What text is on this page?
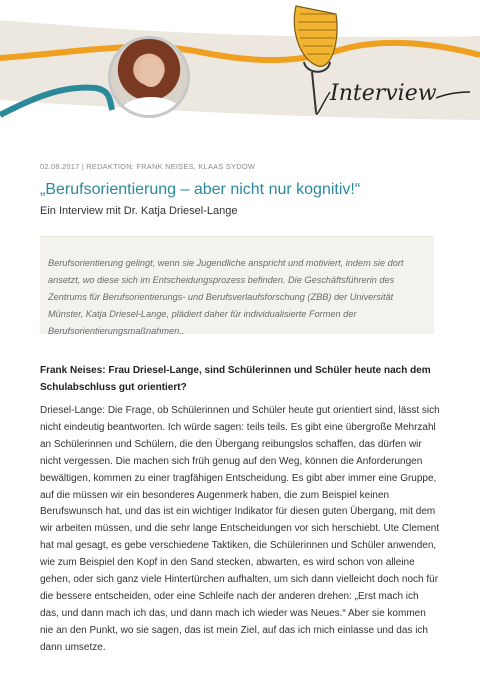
Interview
02.08.2017 | REDAKTION: FRANK NEISES, KLAAS SYDOW
„Berufsorientierung – aber nicht nur kognitiv!“
Ein Interview mit Dr. Katja Driesel-Lange
Berufsorientierung gelingt, wenn sie Jugendliche anspricht und motiviert, indem sie dort ansetzt, wo diese sich im Entscheidungsprozess befinden. Die Geschäftsführerin des Zentrums für Berufsorientierungs- und Berufsverlaufsforschung (ZBB) der Universität Münster, Katja Driesel-Lange, plädiert daher für individualisierte Formen der Berufsorientierungsmaßnahmen..
Frank Neises: Frau Driesel-Lange, sind Schülerinnen und Schüler heute nach dem Schulabschluss gut orientiert?
Driesel-Lange: Die Frage, ob Schülerinnen und Schüler heute gut orientiert sind, lässt sich nicht eindeutig beantworten. Ich würde sagen: teils teils. Es gibt eine übergroße Mehrzahl an Schülerinnen und Schülern, die den Übergang reibungslos schaffen, das dürfen wir nicht vergessen. Die machen sich früh genug auf den Weg, können die Anforderungen bewältigen, kommen zu einer tragfähigen Entscheidung. Es gibt aber immer eine Gruppe, auf die müssen wir ein besonderes Augenmerk haben, die zum Beispiel keinen Berufswunsch hat, und das ist ein wichtiger Indikator für diesen guten Übergang, mit dem wir arbeiten müssen, und die sehr lange Entscheidungen vor sich herschiebt. Ute Clement hat mal gesagt, es gebe verschiedene Taktiken, die Schülerinnen und Schüler anwenden, wie zum Beispiel den Kopf in den Sand stecken, abwarten, es wird schon von alleine gehen, oder sich ganz viele Hintertürchen aufhalten, um sich dann vielleicht doch noch für die bessere entscheiden, oder eine Schleife nach der anderen drehen: „Erst mach ich das, und dann mach ich das, und dann mach ich wieder was Neues.“ Aber sie kommen nie an den Punkt, wo sie sagen, das ist mein Ziel, auf das ich mich einlasse und das ich dann umsetze.
